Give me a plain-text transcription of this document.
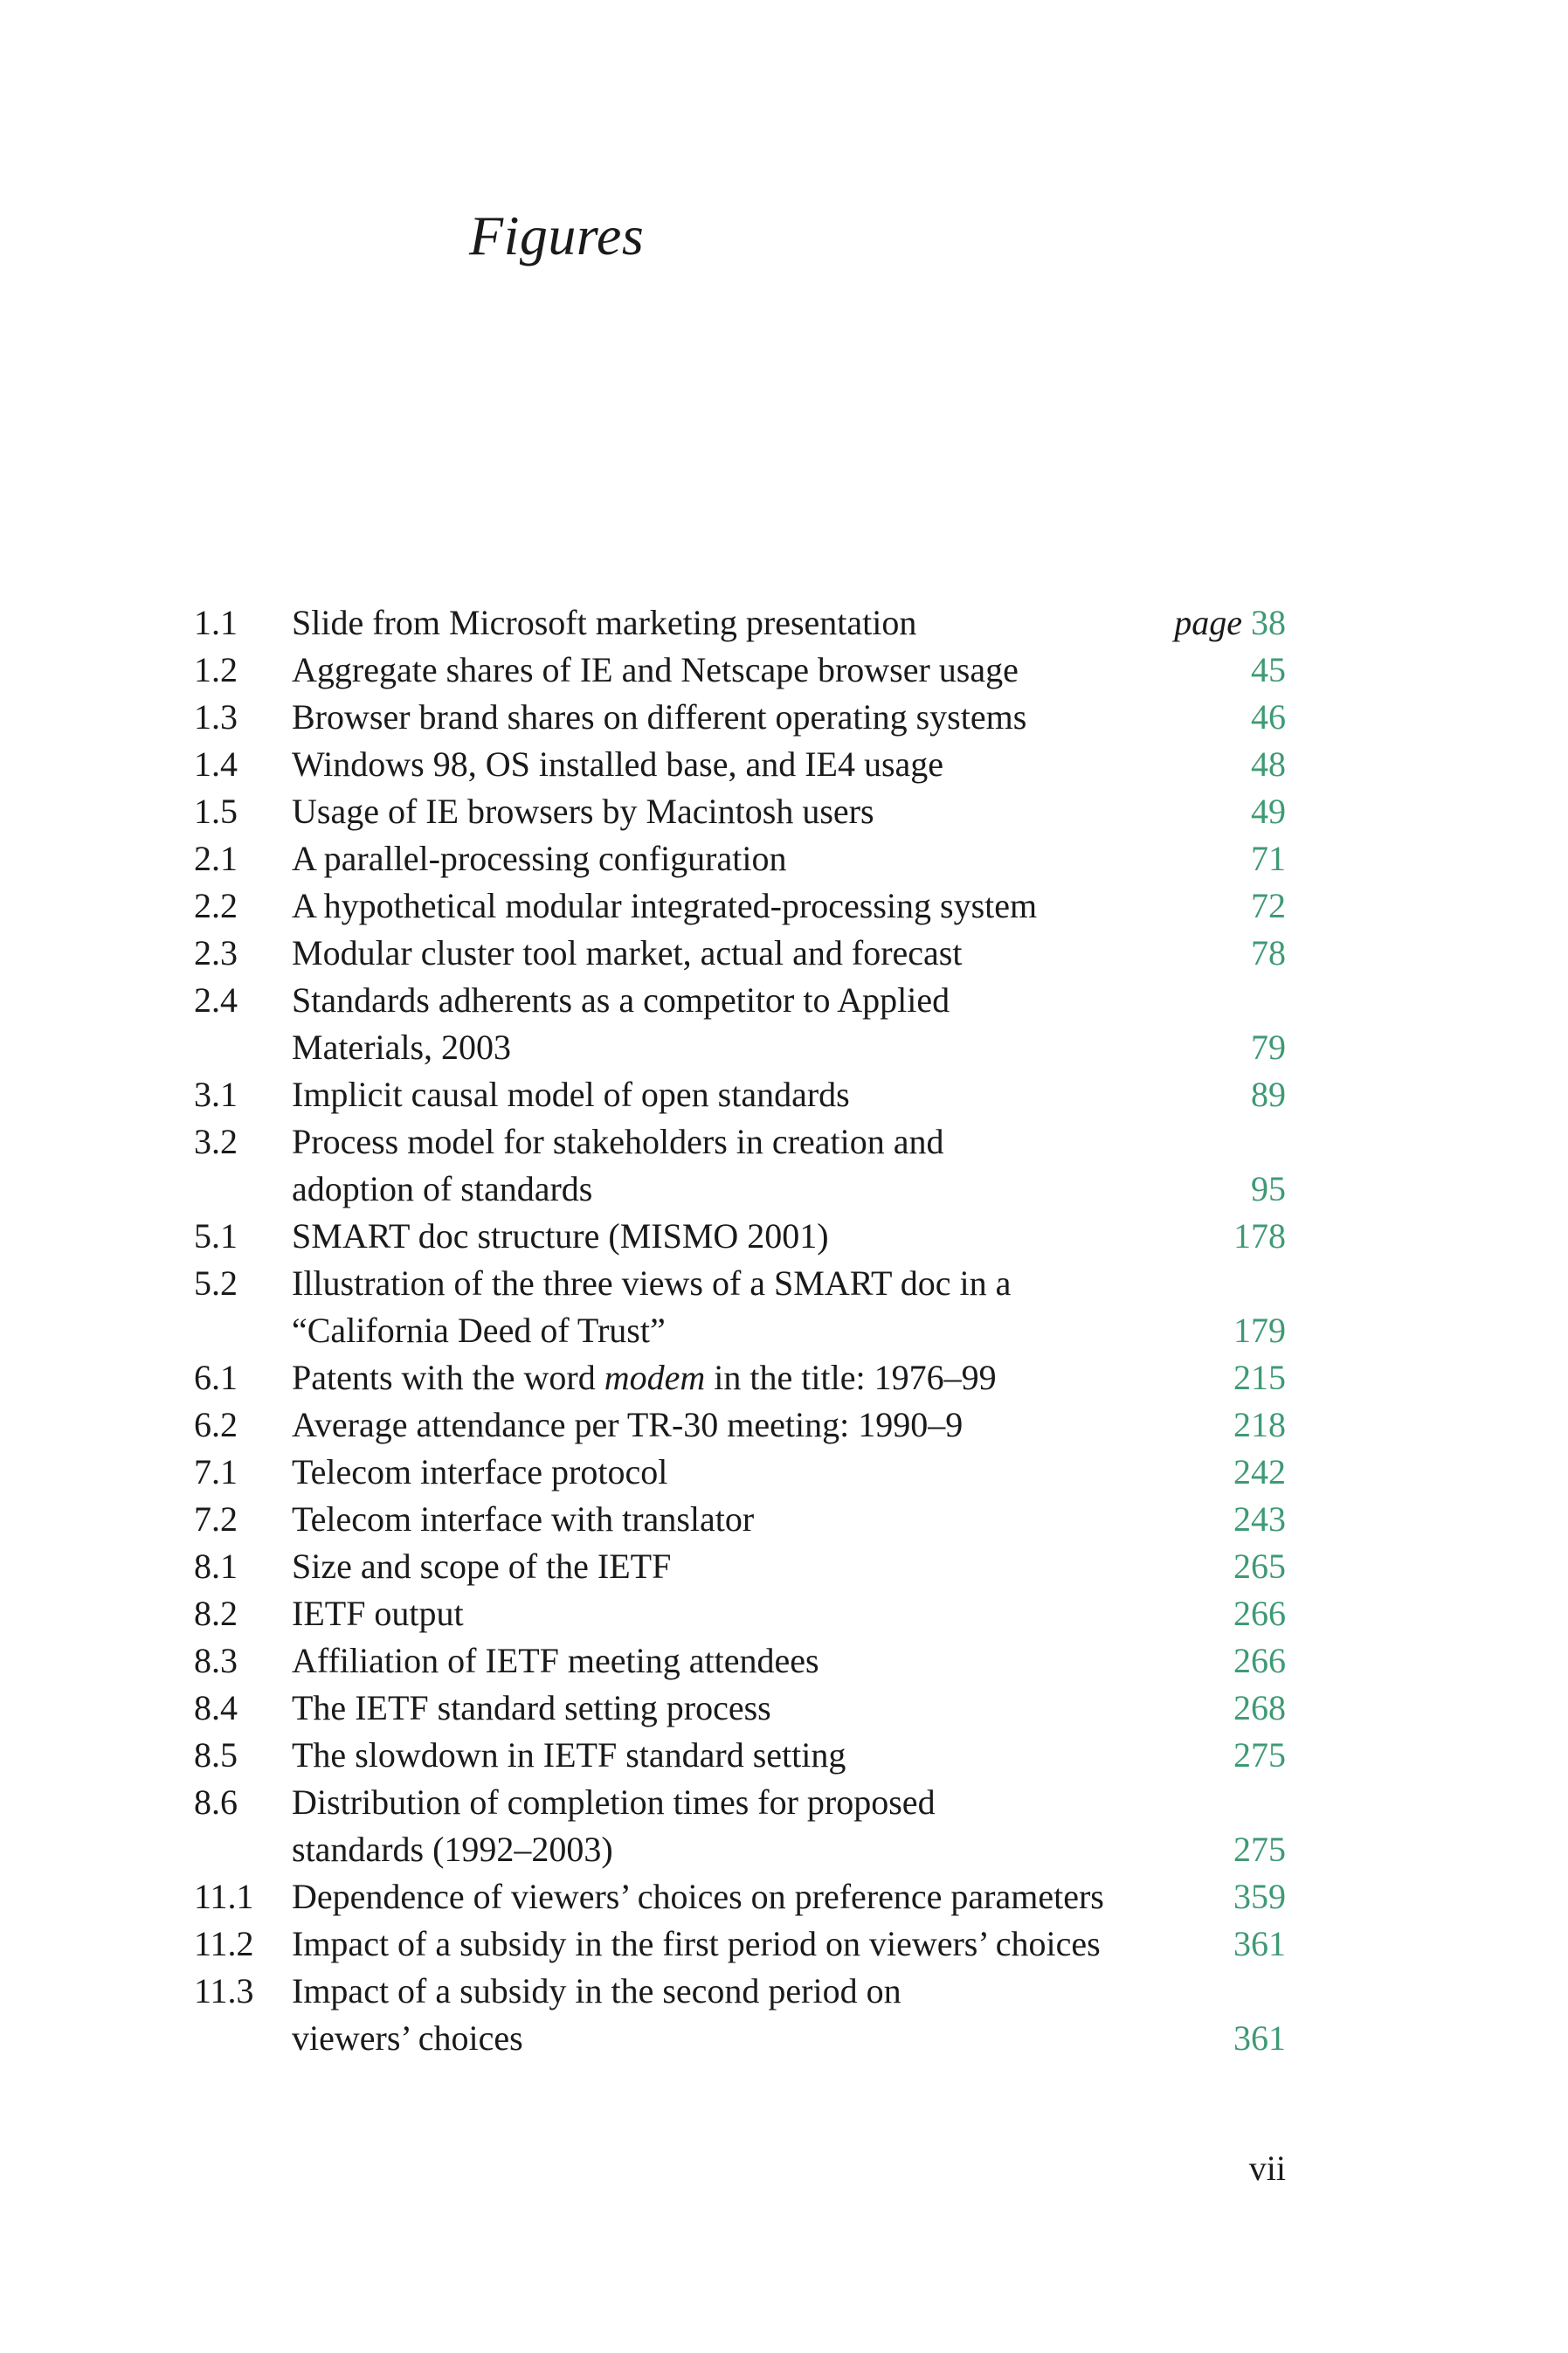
Figures
1.1	Slide from Microsoft marketing presentation	page 38
1.2	Aggregate shares of IE and Netscape browser usage	45
1.3	Browser brand shares on different operating systems	46
1.4	Windows 98, OS installed base, and IE4 usage	48
1.5	Usage of IE browsers by Macintosh users	49
2.1	A parallel-processing configuration	71
2.2	A hypothetical modular integrated-processing system	72
2.3	Modular cluster tool market, actual and forecast	78
2.4	Standards adherents as a competitor to Applied
Materials, 2003	79
3.1	Implicit causal model of open standards	89
3.2	Process model for stakeholders in creation and
adoption of standards	95
5.1	SMART doc structure (MISMO 2001)	178
5.2	Illustration of the three views of a SMART doc in a
“California Deed of Trust”	179
6.1	Patents with the word modem in the title: 1976–99	215
6.2	Average attendance per TR-30 meeting: 1990–9	218
7.1	Telecom interface protocol	242
7.2	Telecom interface with translator	243
8.1	Size and scope of the IETF	265
8.2	IETF output	266
8.3	Affiliation of IETF meeting attendees	266
8.4	The IETF standard setting process	268
8.5	The slowdown in IETF standard setting	275
8.6	Distribution of completion times for proposed
standards (1992–2003)	275
11.1	Dependence of viewers’ choices on preference parameters	359
11.2	Impact of a subsidy in the first period on viewers’ choices	361
11.3	Impact of a subsidy in the second period on
viewers’ choices	361
vii
